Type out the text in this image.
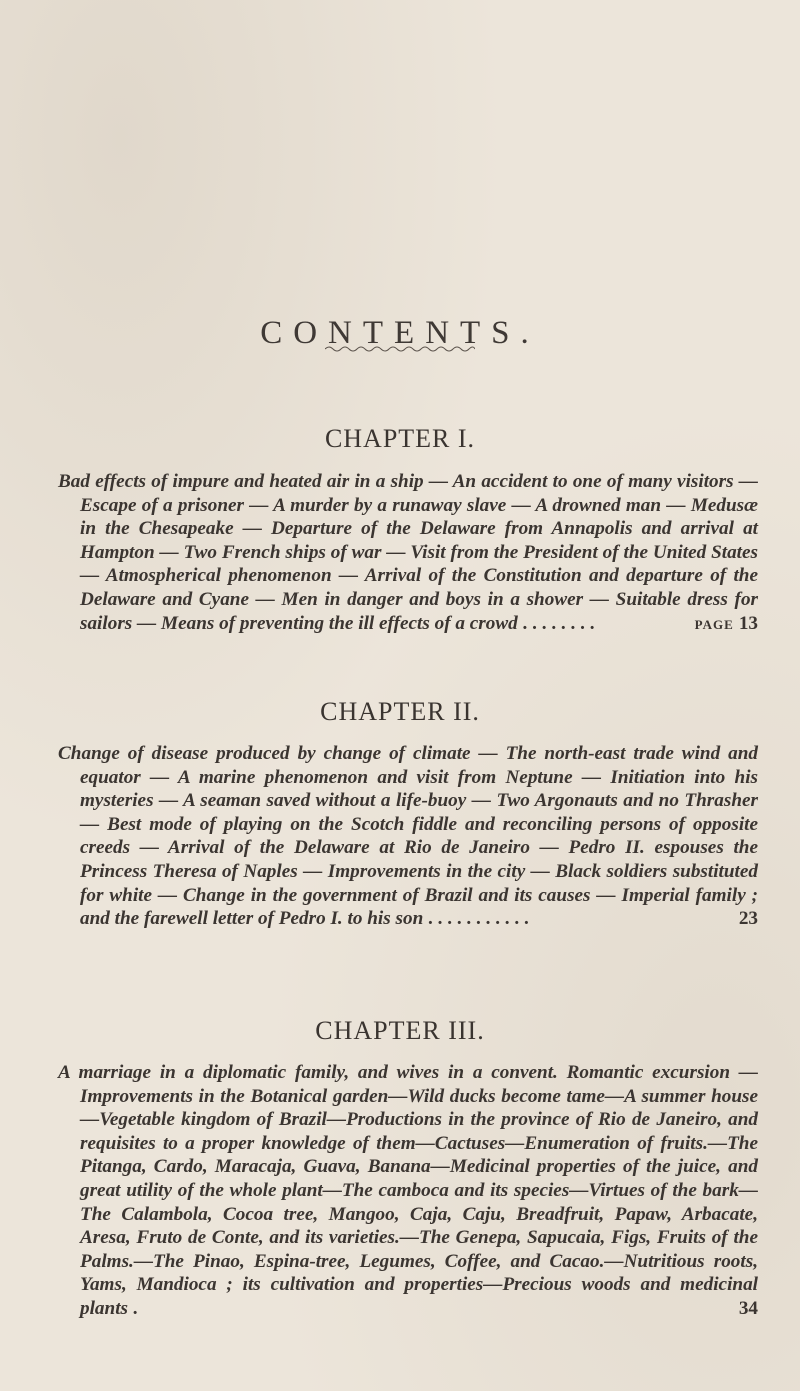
CONTENTS.
CHAPTER I.
Bad effects of impure and heated air in a ship — An accident to one of many visitors — Escape of a prisoner — A murder by a runaway slave — A drowned man — Medusæ in the Chesapeake — Departure of the Delaware from Annapolis and arrival at Hampton — Two French ships of war — Visit from the President of the United States — Atmospherical phenomenon — Arrival of the Constitution and departure of the Delaware and Cyane — Men in danger and boys in a shower — Suitable dress for sailors — Means of preventing the ill effects of a crowd . . . . . . . .	PAGE 13
CHAPTER II.
Change of disease produced by change of climate — The north-east trade wind and equator — A marine phenomenon and visit from Neptune — Initiation into his mysteries — A seaman saved without a life-buoy — Two Argonauts and no Thrasher — Best mode of playing on the Scotch fiddle and reconciling persons of opposite creeds — Arrival of the Delaware at Rio de Janeiro — Pedro II. espouses the Princess Theresa of Naples — Improvements in the city — Black soldiers substituted for white — Change in the government of Brazil and its causes — Imperial family ; and the farewell letter of Pedro I. to his son . . . . . . . . . . .	23
CHAPTER III.
A marriage in a diplomatic family, and wives in a convent. Romantic excursion —Improvements in the Botanical garden—Wild ducks become tame—A summer house—Vegetable kingdom of Brazil—Productions in the province of Rio de Janeiro, and requisites to a proper knowledge of them—Cactuses—Enumeration of fruits.—The Pitanga, Cardo, Maracaja, Guava, Banana—Medicinal properties of the juice, and great utility of the whole plant—The camboca and its species—Virtues of the bark—The Calambola, Cocoa tree, Mangoo, Caja, Caju, Breadfruit, Papaw, Arbacate, Aresa, Fruto de Conte, and its varieties.—The Genepa, Sapucaia, Figs, Fruits of the Palms.—The Pinao, Espina-tree, Legumes, Coffee, and Cacao.—Nutritious roots, Yams, Mandioca ; its cultivation and properties—Precious woods and medicinal plants .	34
